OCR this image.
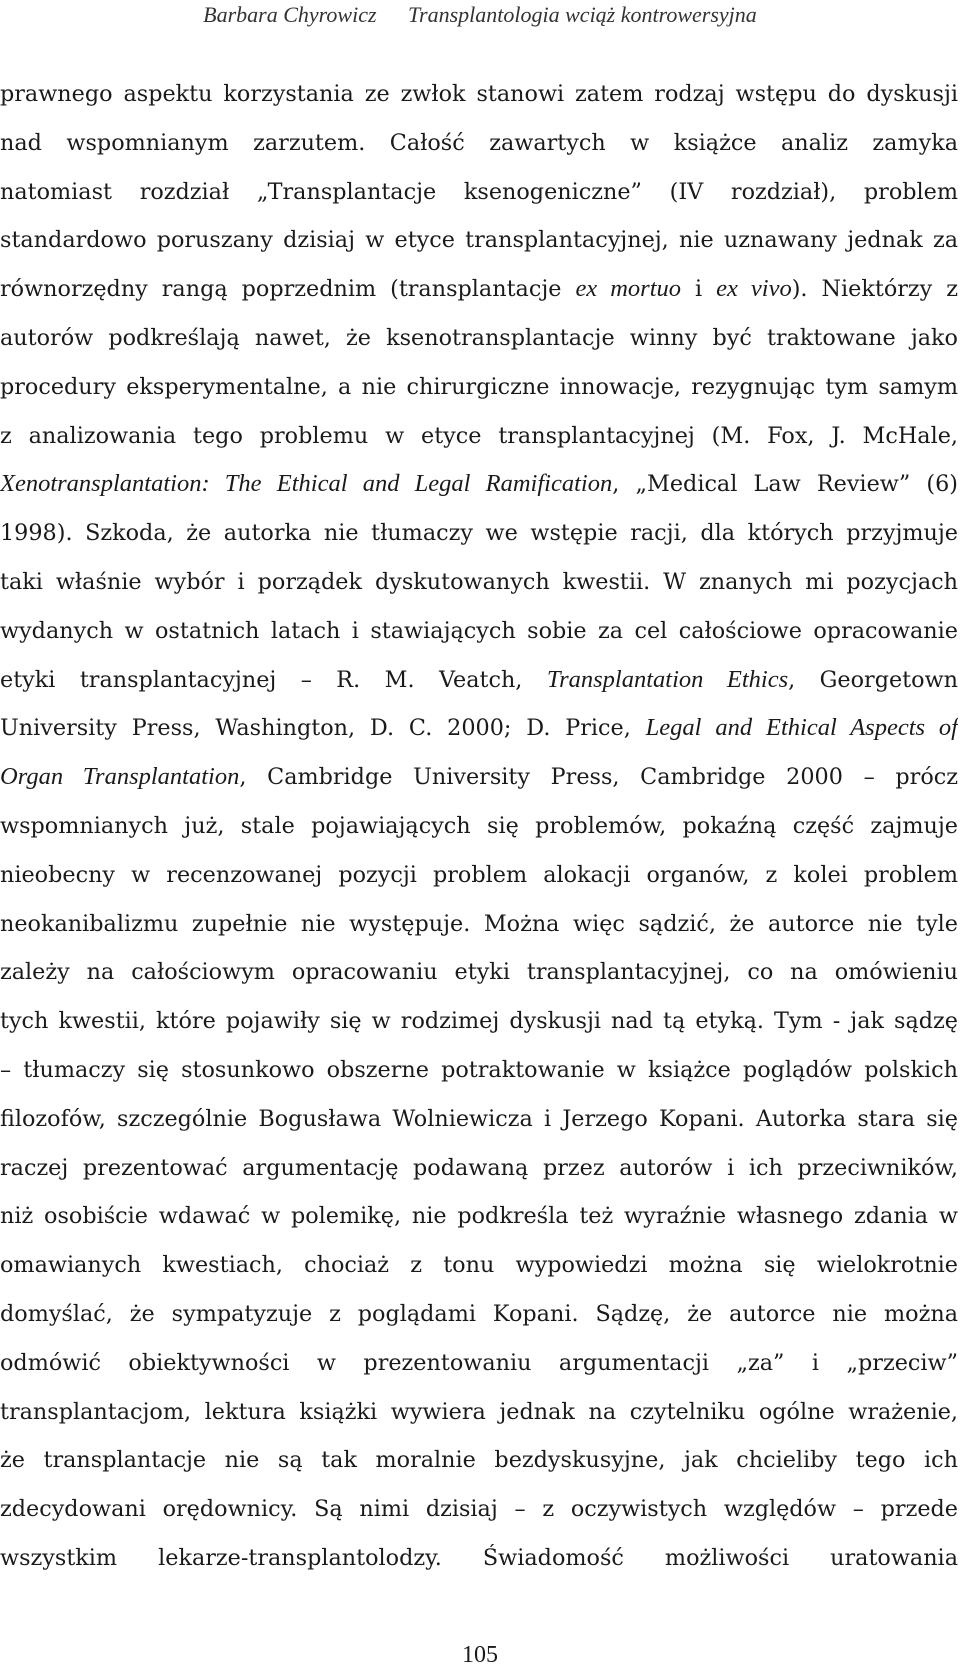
Barbara Chyrowicz Transplantologia wciąż kontrowersyjna
prawnego aspektu korzystania ze zwłok stanowi zatem rodzaj wstępu do dyskusji
nad wspomnianym zarzutem. Całość zawartych w książce analiz zamyka
natomiast rozdział „Transplantacje ksenogeniczne” (IV rozdział), problem
standardowo poruszany dzisiaj w etyce transplantacyjnej, nie uznawany jednak za
równorzędny rangą poprzednim (transplantacje ex mortuo i ex vivo). Niektórzy z
autorów podkreślają nawet, że ksenotransplantacje winny być traktowane jako
procedury eksperymentalne, a nie chirurgiczne innowacje, rezygnując tym samym
z analizowania tego problemu w etyce transplantacyjnej (M. Fox, J. McHale,
Xenotransplantation: The Ethical and Legal Ramification, „Medical Law Review” (6)
1998). Szkoda, że autorka nie tłumaczy we wstępie racji, dla których przyjmuje
taki właśnie wybór i porządek dyskutowanych kwestii. W znanych mi pozycjach
wydanych w ostatnich latach i stawiających sobie za cel całościowe opracowanie
etyki transplantacyjnej – R. M. Veatch, Transplantation Ethics, Georgetown
University Press, Washington, D. C. 2000; D. Price, Legal and Ethical Aspects of
Organ Transplantation, Cambridge University Press, Cambridge 2000 – prócz
wspomnianych już, stale pojawiających się problemów, pokaźną część zajmuje
nieobecny w recenzowanej pozycji problem alokacji organów, z kolei problem
neokanibalizmu zupełnie nie występuje. Można więc sądzić, że autorce nie tyle
zależy na całościowym opracowaniu etyki transplantacyjnej, co na omówieniu
tych kwestii, które pojawiły się w rodzimej dyskusji nad tą etyką. Tym - jak sądzę
– tłumaczy się stosunkowo obszerne potraktowanie w książce poglądów polskich
filozofów, szczególnie Bogusława Wolniewicza i Jerzego Kopani. Autorka stara się
raczej prezentować argumentację podawaną przez autorów i ich przeciwników,
niż osobiście wdawać w polemikę, nie podkreśla też wyraźnie własnego zdania w
omawianych kwestiach, chociaż z tonu wypowiedzi można się wielokrotnie
domyślać, że sympatyzuje z poglądami Kopani. Sądzę, że autorce nie można
odmówić obiektywności w prezentowaniu argumentacji „za” i „przeciw”
transplantacjom, lektura książki wywiera jednak na czytelniku ogólne wrażenie,
że transplantacje nie są tak moralnie bezdyskusyjne, jak chcieliby tego ich
zdecydowani orędownicy. Są nimi dzisiaj – z oczywistych względów – przede
wszystkim lekarze-transplantolodzy. Świadomość możliwości uratowania
105
